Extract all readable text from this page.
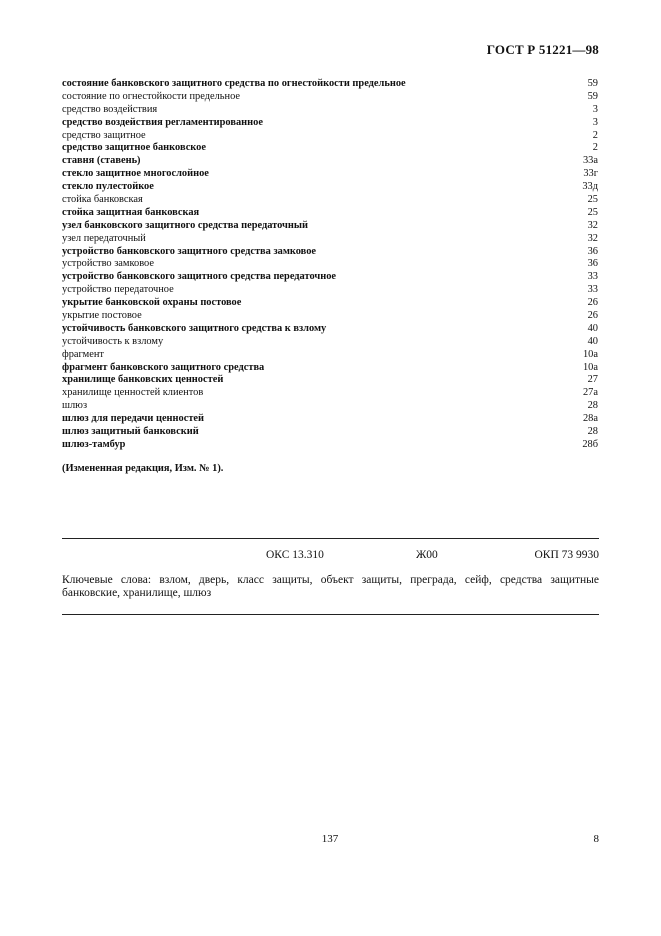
ГОСТ Р 51221—98
состояние банковского защитного средства по огнестойкости предельное	59
состояние по огнестойкости предельное	59
средство воздействия	3
средство воздействия регламентированное	3
средство защитное	2
средство защитное банковское	2
ставня (ставень)	33а
стекло защитное многослойное	33г
стекло пулестойкое	33д
стойка банковская	25
стойка защитная банковская	25
узел банковского защитного средства передаточный	32
узел передаточный	32
устройство банковского защитного средства замковое	36
устройство замковое	36
устройство банковского защитного средства передаточное	33
устройство передаточное	33
укрытие банковской охраны постовое	26
укрытие постовое	26
устойчивость банковского защитного средства к взлому	40
устойчивость к взлому	40
фрагмент	10а
фрагмент банковского защитного средства	10а
хранилище банковских ценностей	27
хранилище ценностей клиентов	27а
шлюз	28
шлюз для передачи ценностей	28а
шлюз защитный банковский	28
шлюз-тамбур	28б
(Измененная редакция, Изм. № 1).
ОКС 13.310	Ж00	ОКП 73 9930
Ключевые слова: взлом, дверь, класс защиты, объект защиты, преграда, сейф, средства защитные банковские, хранилище, шлюз
137	8
